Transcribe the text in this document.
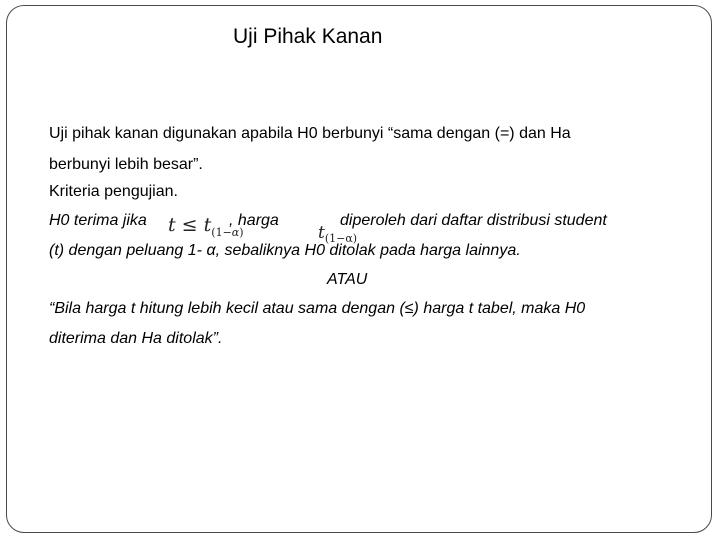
Uji Pihak Kanan
Uji pihak kanan digunakan apabila H0 berbunyi “sama dengan (=) dan Ha
berbunyi lebih besar”.
Kriteria pengujian.
H0 terima jika $t \le t_{(1-\alpha)}$
, harga
$t_{(1-\alpha)}$
diperoleh dari daftar distribusi student
(t) dengan peluang 1- α, sebaliknya H0 ditolak pada harga lainnya.
ATAU
“Bila harga t hitung lebih kecil atau sama dengan (≤) harga t tabel, maka H0
diterima dan Ha ditolak”.
